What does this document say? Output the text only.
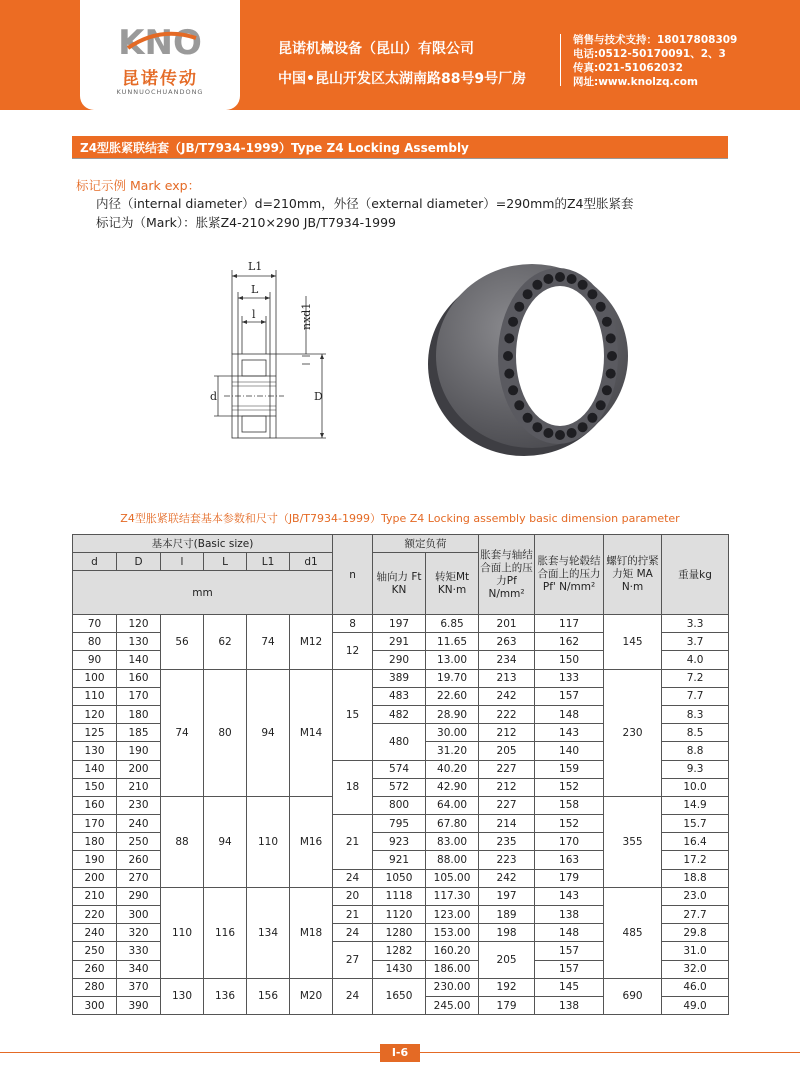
KNO
昆诺传动
KUNNUOCHUANDONG
昆诺机械设备（昆山）有限公司
中国•昆山开发区太湖南路88号9号厂房
销售与技术支持：18017808309
电话:0512-50170091、2、3
传真:021-51062032
网址:www.knolzq.com
Z4型胀紧联结套（JB/T7934-1999）Type Z4 Locking Assembly
标记示例 Mark exp：
内径（internal diameter）d=210mm，外径（external diameter）=290mm的Z4型胀紧套
标记为（Mark）：胀紧Z4-210×290 JB/T7934-1999
L1
L
l
d	D
nxd1
Z4型胀紧联结套基本参数和尺寸（JB/T7934-1999）Type Z4 Locking assembly basic dimension parameter
基本尺寸(Basic size)						n	额定负荷		胀套与轴结合面上的压力Pf N/mm²	胀套与轮毂结合面上的压力Pf' N/mm²	螺钉的拧紧力矩 MA N·m	重量kg
d	D	l	L	L1	d1		轴向力 Ft KN	转矩Mt KN·m				
mm												
70	120	56	62	74	M12	8	197	6.85	201	117	145	3.3
80	130					12	291	11.65	263	162		3.7
90	140						290	13.00	234	150		4.0
100	160	74	80	94	M14	15	389	19.70	213	133	230	7.2
110	170						483	22.60	242	157		7.7
120	180						482	28.90	222	148		8.3
125	185						480	30.00	212	143		8.5
130	190							31.20	205	140		8.8
140	200					18	574	40.20	227	159		9.3
150	210						572	42.90	212	152		10.0
160	230	88	94	110	M16		800	64.00	227	158	355	14.9
170	240					21	795	67.80	214	152		15.7
180	250						923	83.00	235	170		16.4
190	260						921	88.00	223	163		17.2
200	270					24	1050	105.00	242	179		18.8
210	290	110	116	134	M18	20	1118	117.30	197	143	485	23.0
220	300					21	1120	123.00	189	138		27.7
240	320					24	1280	153.00	198	148		29.8
250	330					27	1282	160.20	205	157		31.0
260	340						1430	186.00		157		32.0
280	370	130	136	156	M20	24	1650	230.00	192	145	690	46.0
300	390							245.00	179	138		49.0
I-6
